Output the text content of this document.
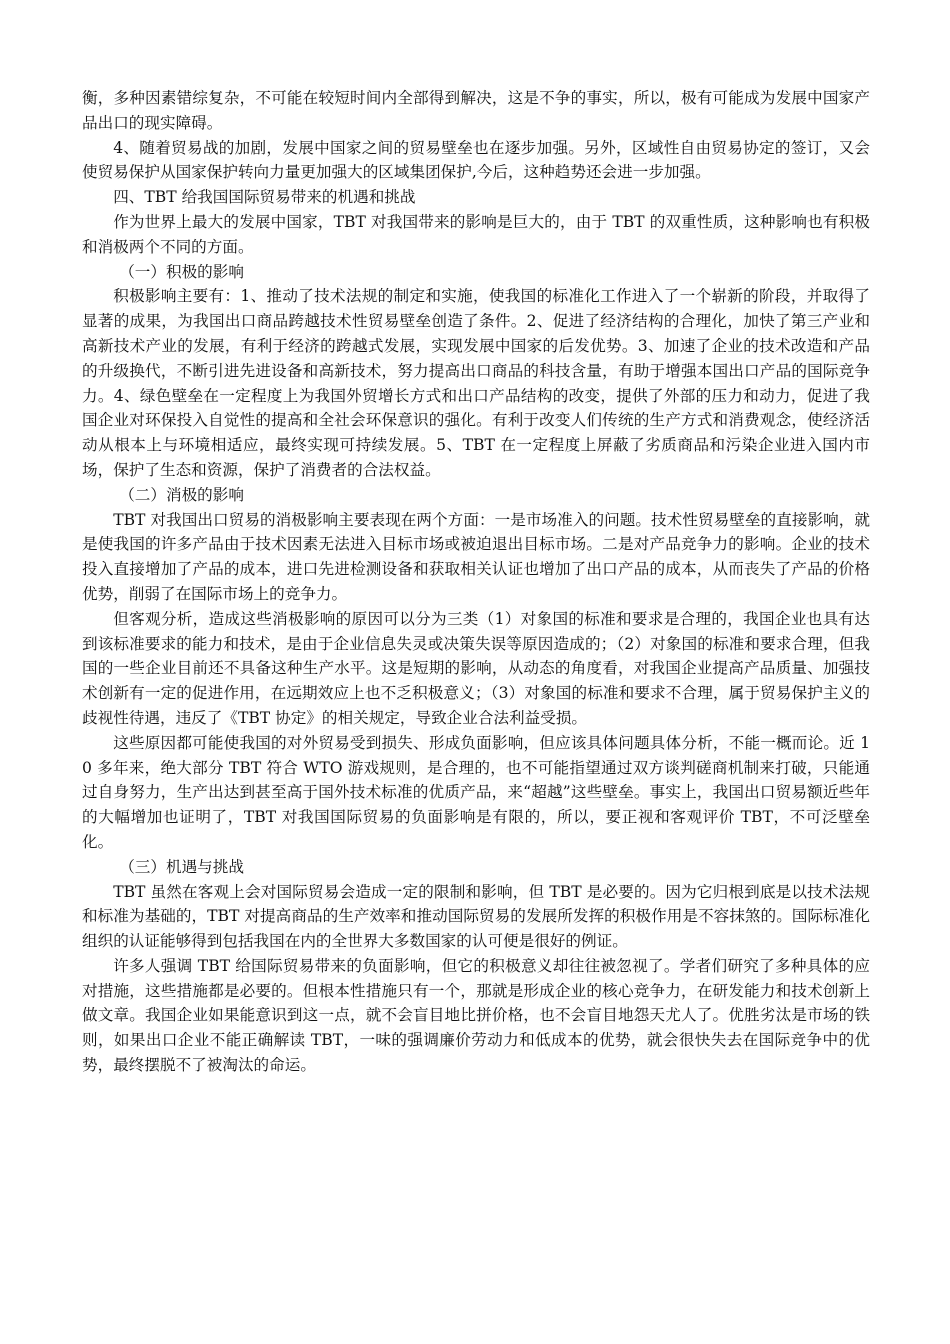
衡，多种因素错综复杂，不可能在较短时间内全部得到解决，这是不争的事实，所以，极有可能成为发展中国家产品出口的现实障碍。

4、随着贸易战的加剧，发展中国家之间的贸易壁垒也在逐步加强。另外，区域性自由贸易协定的签订，又会使贸易保护从国家保护转向力量更加强大的区域集团保护,今后，这种趋势还会进一步加强。

四、TBT 给我国国际贸易带来的机遇和挑战

作为世界上最大的发展中国家，TBT 对我国带来的影响是巨大的，由于 TBT 的双重性质，这种影响也有积极和消极两个不同的方面。

（一）积极的影响

积极影响主要有：1、推动了技术法规的制定和实施，使我国的标准化工作进入了一个崭新的阶段，并取得了显著的成果，为我国出口商品跨越技术性贸易壁垒创造了条件。2、促进了经济结构的合理化，加快了第三产业和高新技术产业的发展，有利于经济的跨越式发展，实现发展中国家的后发优势。3、加速了企业的技术改造和产品的升级换代，不断引进先进设备和高新技术，努力提高出口商品的科技含量，有助于增强本国出口产品的国际竞争力。4、绿色壁垒在一定程度上为我国外贸增长方式和出口产品结构的改变，提供了外部的压力和动力，促进了我国企业对环保投入自觉性的提高和全社会环保意识的强化。有利于改变人们传统的生产方式和消费观念，使经济活动从根本上与环境相适应，最终实现可持续发展。5、TBT 在一定程度上屏蔽了劣质商品和污染企业进入国内市场，保护了生态和资源，保护了消费者的合法权益。

（二）消极的影响

TBT 对我国出口贸易的消极影响主要表现在两个方面：一是市场准入的问题。技术性贸易壁垒的直接影响，就是使我国的许多产品由于技术因素无法进入目标市场或被迫退出目标市场。二是对产品竞争力的影响。企业的技术投入直接增加了产品的成本，进口先进检测设备和获取相关认证也增加了出口产品的成本，从而丧失了产品的价格优势，削弱了在国际市场上的竞争力。

但客观分析，造成这些消极影响的原因可以分为三类（1）对象国的标准和要求是合理的，我国企业也具有达到该标准要求的能力和技术，是由于企业信息失灵或决策失误等原因造成的；（2）对象国的标准和要求合理，但我国的一些企业目前还不具备这种生产水平。这是短期的影响，从动态的角度看，对我国企业提高产品质量、加强技术创新有一定的促进作用，在远期效应上也不乏积极意义；（3）对象国的标准和要求不合理，属于贸易保护主义的歧视性待遇，违反了《TBT 协定》的相关规定，导致企业合法利益受损。

这些原因都可能使我国的对外贸易受到损失、形成负面影响，但应该具体问题具体分析，不能一概而论。近 10 多年来，绝大部分 TBT 符合 WTO 游戏规则，是合理的，也不可能指望通过双方谈判磋商机制来打破，只能通过自身努力，生产出达到甚至高于国外技术标准的优质产品，来“超越”这些壁垒。事实上，我国出口贸易额近些年的大幅增加也证明了，TBT 对我国国际贸易的负面影响是有限的，所以，要正视和客观评价 TBT，不可泛壁垒化。

（三）机遇与挑战

TBT 虽然在客观上会对国际贸易会造成一定的限制和影响，但 TBT 是必要的。因为它归根到底是以技术法规和标准为基础的，TBT 对提高商品的生产效率和推动国际贸易的发展所发挥的积极作用是不容抹煞的。国际标准化组织的认证能够得到包括我国在内的全世界大多数国家的认可便是很好的例证。

许多人强调 TBT 给国际贸易带来的负面影响，但它的积极意义却往往被忽视了。学者们研究了多种具体的应对措施，这些措施都是必要的。但根本性措施只有一个，那就是形成企业的核心竞争力，在研发能力和技术创新上做文章。我国企业如果能意识到这一点，就不会盲目地比拼价格，也不会盲目地怨天尤人了。优胜劣汰是市场的铁则，如果出口企业不能正确解读 TBT，一味的强调廉价劳动力和低成本的优势，就会很快失去在国际竞争中的优势，最终摆脱不了被淘汰的命运。
